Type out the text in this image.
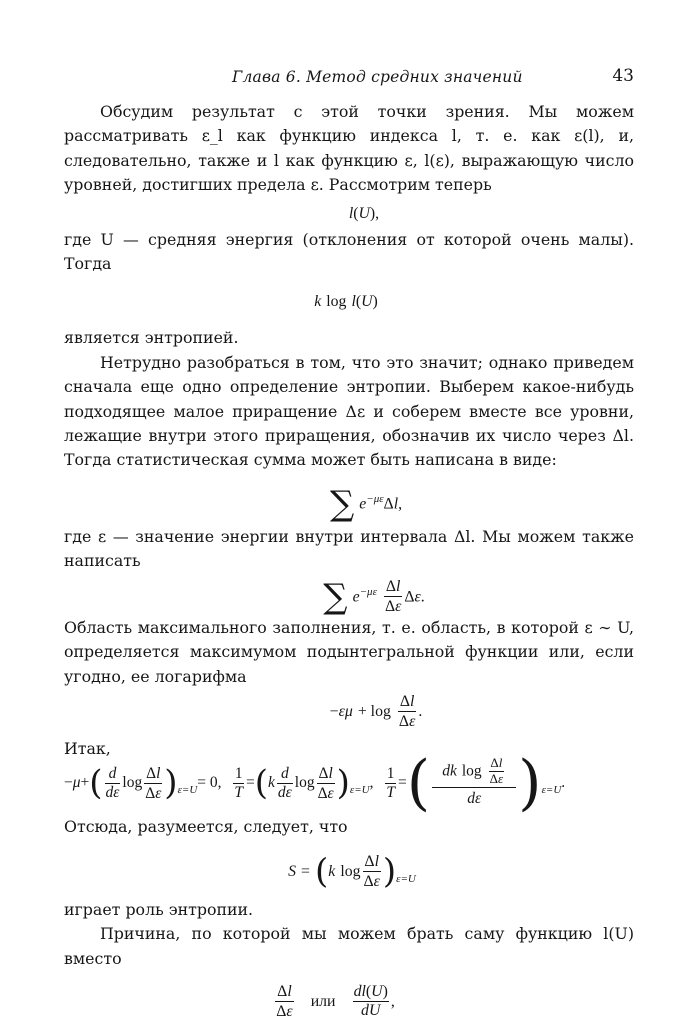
Глава 6. Метод средних значений	43

Обсудим результат с этой точки зрения. Мы можем рассматривать ε_l как функцию индекса l, т. е. как ε(l), и, следовательно, также и l как функцию ε, l(ε), выражающую число уровней, достигших предела ε. Рассмотрим теперь

l(U),

где U — средняя энергия (отклонения от которой очень малы). Тогда

k log l(U)

является энтропией.

Нетрудно разобраться в том, что это значит; однако приведем сначала еще одно определение энтропии. Выберем какое-нибудь подходящее малое приращение Δε и соберем вместе все уровни, лежащие внутри этого приращения, обозначив их число через Δl. Тогда статистическая сумма может быть написана в виде:

∑ $e^{-\mu\varepsilon}\Delta l$,

где ε — значение энергии внутри интервала Δl. Мы можем также написать

∑ $e^{-\mu\varepsilon} \frac{\Delta l}{\Delta\varepsilon} \Delta\varepsilon$.

Область максимального заполнения, т. е. область, в которой ε ∼ U, определяется максимумом подынтегральной функции или, если угодно, ее логарифма

$-\varepsilon\mu + \log \frac{\Delta l}{\Delta\varepsilon}$ .

Итак,

$-\mu+( \frac{d}{d\varepsilon}$ $\log \frac{\Delta l}{\Delta\varepsilon} )_{\varepsilon=U}= 0$, $\frac{1}{T} =(k \frac{d}{d\varepsilon}$ $\log \frac{\Delta l}{\Delta\varepsilon} )_{\varepsilon=U}$, $\frac{1}{T}$ =( $\frac{dk \log \frac{\Delta l}{\Delta\varepsilon}}{d\varepsilon} )_{\varepsilon=U}$.

Отсюда, разумеется, следует, что

S = (k $\log \frac{\Delta l}{\Delta\varepsilon} )_{\varepsilon=U}$

играет роль энтропии.

Причина, по которой мы можем брать саму функцию l(U) вместо

$\frac{\Delta l}{\Delta\varepsilon}$ или $\frac{dl(U)}{dU}$ ,
